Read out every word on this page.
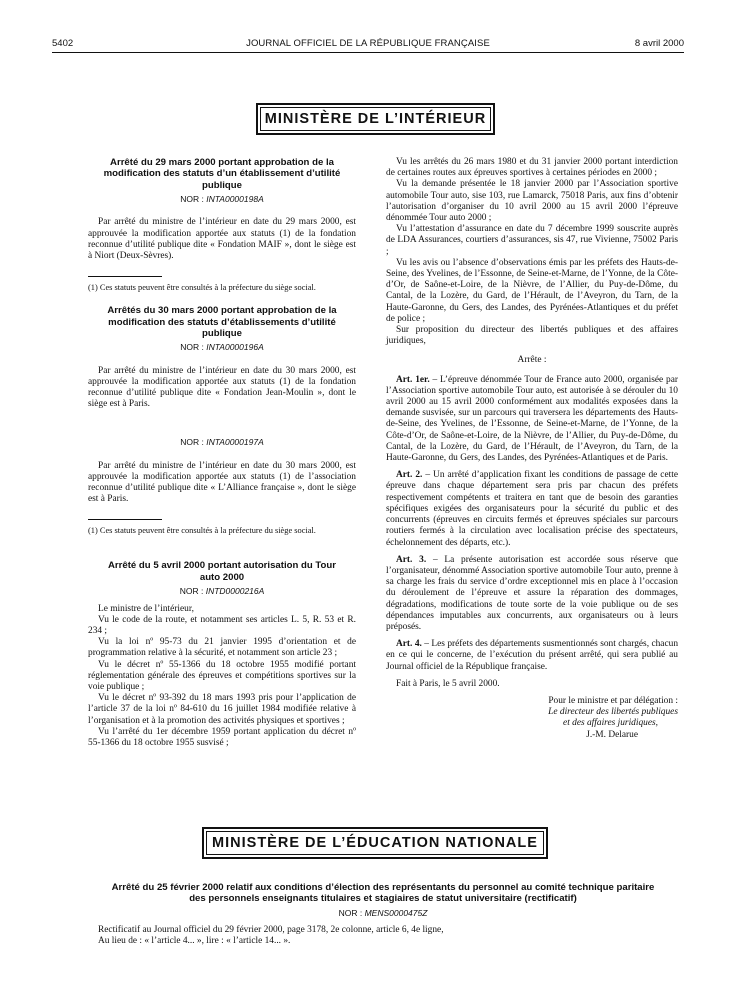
5402	JOURNAL OFFICIEL DE LA RÉPUBLIQUE FRANÇAISE	8 avril 2000
MINISTÈRE DE L’INTÉRIEUR
Arrêté du 29 mars 2000 portant approbation de la modification des statuts d’un établissement d’utilité publique
NOR : INTA0000198A

Par arrêté du ministre de l’intérieur en date du 29 mars 2000, est approuvée la modification apportée aux statuts (1) de la fondation reconnue d’utilité publique dite « Fondation MAIF », dont le siège est à Niort (Deux-Sèvres).

(1) Ces statuts peuvent être consultés à la préfecture du siège social.

Arrêtés du 30 mars 2000 portant approbation de la modification des statuts d’établissements d’utilité publique
NOR : INTA0000196A

Par arrêté du ministre de l’intérieur en date du 30 mars 2000, est approuvée la modification apportée aux statuts (1) de la fondation reconnue d’utilité publique dite « Fondation Jean-Moulin », dont le siège est à Paris.

NOR : INTA0000197A

Par arrêté du ministre de l’intérieur en date du 30 mars 2000, est approuvée la modification apportée aux statuts (1) de l’association reconnue d’utilité publique dite « L’Alliance française », dont le siège est à Paris.

(1) Ces statuts peuvent être consultés à la préfecture du siège social.

Arrêté du 5 avril 2000 portant autorisation du Tour auto 2000
NOR : INTD0000216A

Le ministre de l’intérieur,

Vu le code de la route, et notamment ses articles L. 5, R. 53 et R. 234 ;

Vu la loi nº 95-73 du 21 janvier 1995 d’orientation et de programmation relative à la sécurité, et notamment son article 23 ;

Vu le décret nº 55-1366 du 18 octobre 1955 modifié portant réglementation générale des épreuves et compétitions sportives sur la voie publique ;

Vu le décret nº 93-392 du 18 mars 1993 pris pour l’application de l’article 37 de la loi nº 84-610 du 16 juillet 1984 modifiée relative à l’organisation et à la promotion des activités physiques et sportives ;

Vu l’arrêté du 1er décembre 1959 portant application du décret nº 55-1366 du 18 octobre 1955 susvisé ;

Vu les arrêtés du 26 mars 1980 et du 31 janvier 2000 portant interdiction de certaines routes aux épreuves sportives à certaines périodes en 2000 ;

Vu la demande présentée le 18 janvier 2000 par l’Association sportive automobile Tour auto, sise 103, rue Lamarck, 75018 Paris, aux fins d’obtenir l’autorisation d’organiser du 10 avril 2000 au 15 avril 2000 l’épreuve dénommée Tour auto 2000 ;

Vu l’attestation d’assurance en date du 7 décembre 1999 souscrite auprès de LDA Assurances, courtiers d’assurances, sis 47, rue Vivienne, 75002 Paris ;

Vu les avis ou l’absence d’observations émis par les préfets des Hauts-de-Seine, des Yvelines, de l’Essonne, de Seine-et-Marne, de l’Yonne, de la Côte-d’Or, de Saône-et-Loire, de la Nièvre, de l’Allier, du Puy-de-Dôme, du Cantal, de la Lozère, du Gard, de l’Hérault, de l’Aveyron, du Tarn, de la Haute-Garonne, du Gers, des Landes, des Pyrénées-Atlantiques et du préfet de police ;

Sur proposition du directeur des libertés publiques et des affaires juridiques,

Arrête :

Art. 1er. – L’épreuve dénommée Tour de France auto 2000, organisée par l’Association sportive automobile Tour auto, est autorisée à se dérouler du 10 avril 2000 au 15 avril 2000 conformément aux modalités exposées dans la demande susvisée, sur un parcours qui traversera les départements des Hauts-de-Seine, des Yvelines, de l’Essonne, de Seine-et-Marne, de l’Yonne, de la Côte-d’Or, de Saône-et-Loire, de la Nièvre, de l’Allier, du Puy-de-Dôme, du Cantal, de la Lozère, du Gard, de l’Hérault, de l’Aveyron, du Tarn, de la Haute-Garonne, du Gers, des Landes, des Pyrénées-Atlantiques et de Paris.

Art. 2. – Un arrêté d’application fixant les conditions de passage de cette épreuve dans chaque département sera pris par chacun des préfets respectivement compétents et traitera en tant que de besoin des garanties spécifiques exigées des organisateurs pour la sécurité du public et des concurrents (épreuves en circuits fermés et épreuves spéciales sur parcours routiers fermés à la circulation avec localisation précise des spectateurs, échelonnement des départs, etc.).

Art. 3. – La présente autorisation est accordée sous réserve que l’organisateur, dénommé Association sportive automobile Tour auto, prenne à sa charge les frais du service d’ordre exceptionnel mis en place à l’occasion du déroulement de l’épreuve et assure la réparation des dommages, dégradations, modifications de toute sorte de la voie publique ou de ses dépendances imputables aux concurrents, aux organisateurs ou à leurs préposés.

Art. 4. – Les préfets des départements susmentionnés sont chargés, chacun en ce qui le concerne, de l’exécution du présent arrêté, qui sera publié au Journal officiel de la République française.

Fait à Paris, le 5 avril 2000.

Pour le ministre et par délégation :

Le directeur des libertés publiques

et des affaires juridiques,

J.-M. Delarue

MINISTÈRE DE L’ÉDUCATION NATIONALE
Arrêté du 25 février 2000 relatif aux conditions d’élection des représentants du personnel au comité technique paritaire des personnels enseignants titulaires et stagiaires de statut universitaire (rectificatif)
NOR : MENS0000475Z

Rectificatif au Journal officiel du 29 février 2000, page 3178, 2e colonne, article 6, 4e ligne,

Au lieu de : « l’article 4... », lire : « l’article 14... ».
